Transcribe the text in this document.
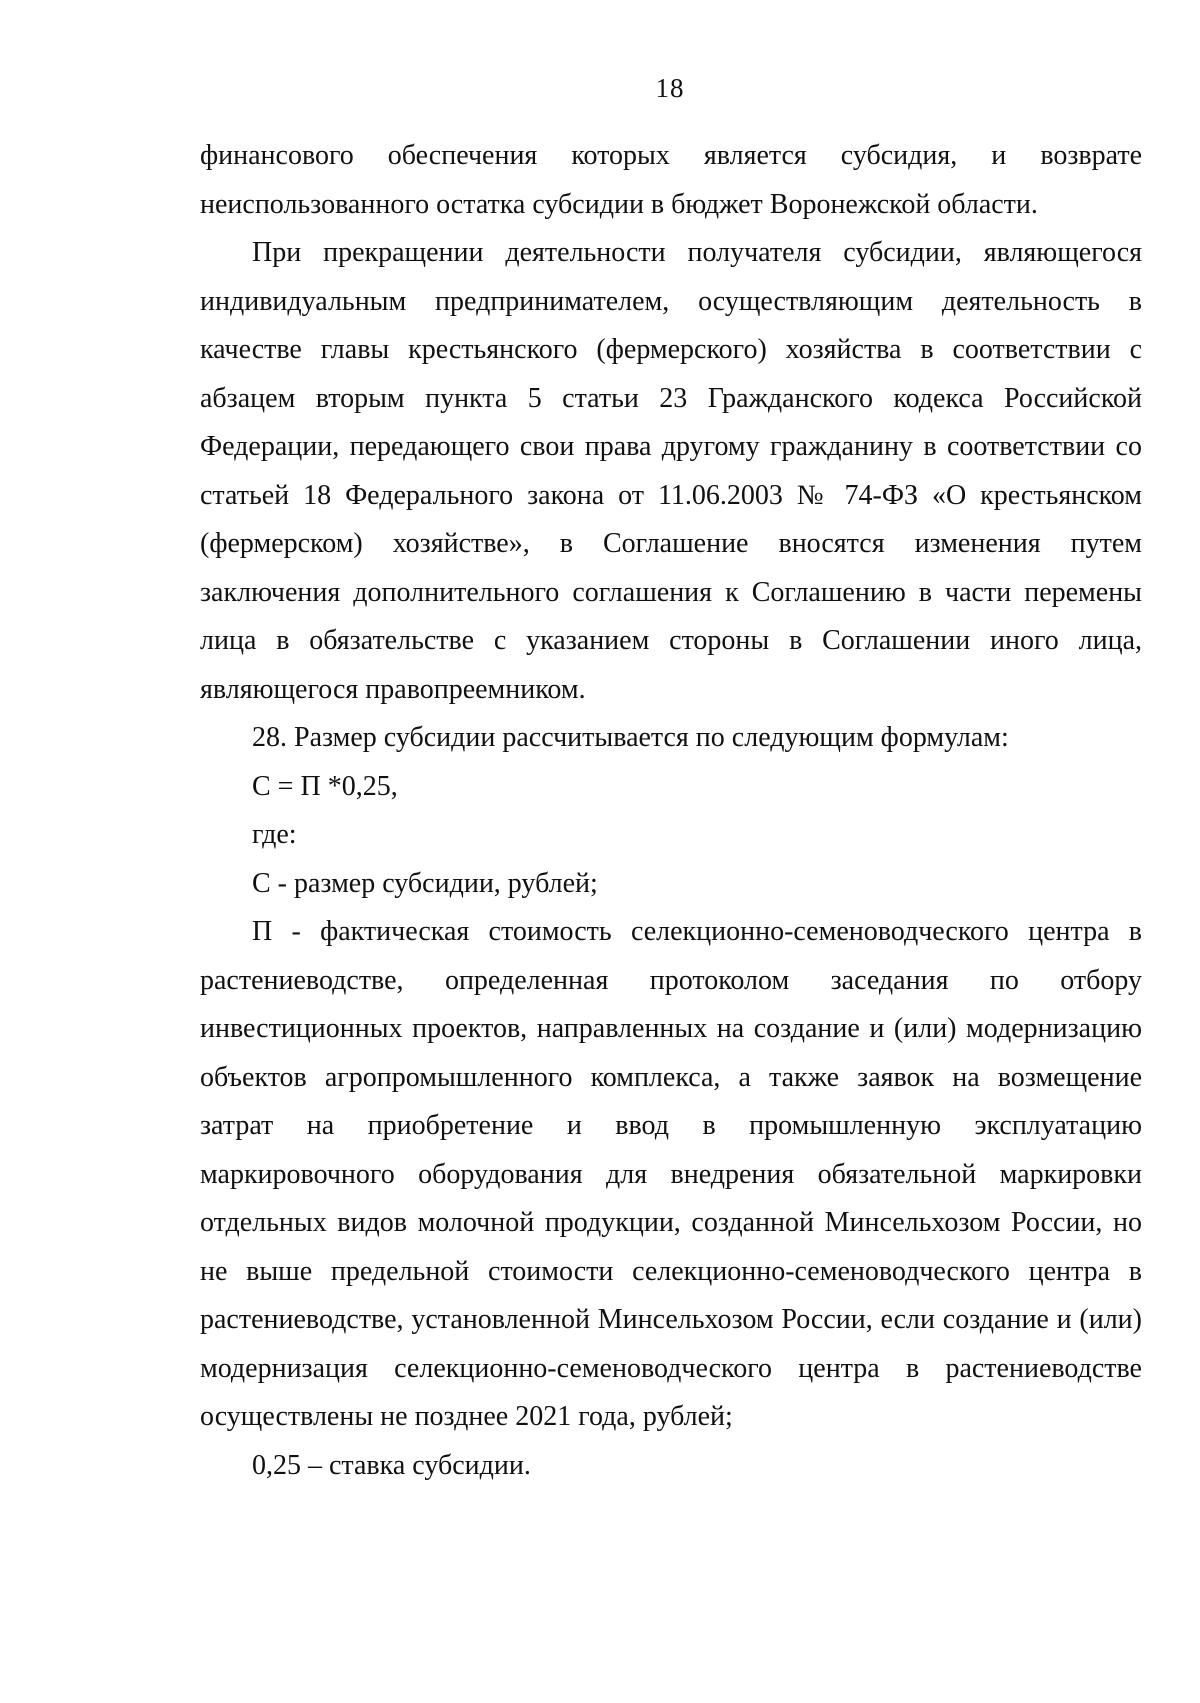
18

финансового обеспечения которых является субсидия, и возврате неиспользованного остатка субсидии в бюджет Воронежской области.

При прекращении деятельности получателя субсидии, являющегося индивидуальным предпринимателем, осуществляющим деятельность в качестве главы крестьянского (фермерского) хозяйства в соответствии с абзацем вторым пункта 5 статьи 23 Гражданского кодекса Российской Федерации, передающего свои права другому гражданину в соответствии со статьей 18 Федерального закона от 11.06.2003 № 74-ФЗ «О крестьянском (фермерском) хозяйстве», в Соглашение вносятся изменения путем заключения дополнительного соглашения к Соглашению в части перемены лица в обязательстве с указанием стороны в Соглашении иного лица, являющегося правопреемником.

28. Размер субсидии рассчитывается по следующим формулам:

С = П *0,25,

где:

С - размер субсидии, рублей;

П - фактическая стоимость селекционно-семеноводческого центра в растениеводстве, определенная протоколом заседания по отбору инвестиционных проектов, направленных на создание и (или) модернизацию объектов агропромышленного комплекса, а также заявок на возмещение затрат на приобретение и ввод в промышленную эксплуатацию маркировочного оборудования для внедрения обязательной маркировки отдельных видов молочной продукции, созданной Минсельхозом России, но не выше предельной стоимости селекционно-семеноводческого центра в растениеводстве, установленной Минсельхозом России, если создание и (или) модернизация селекционно-семеноводческого центра в растениеводстве осуществлены не позднее 2021 года, рублей;

0,25 – ставка субсидии.
